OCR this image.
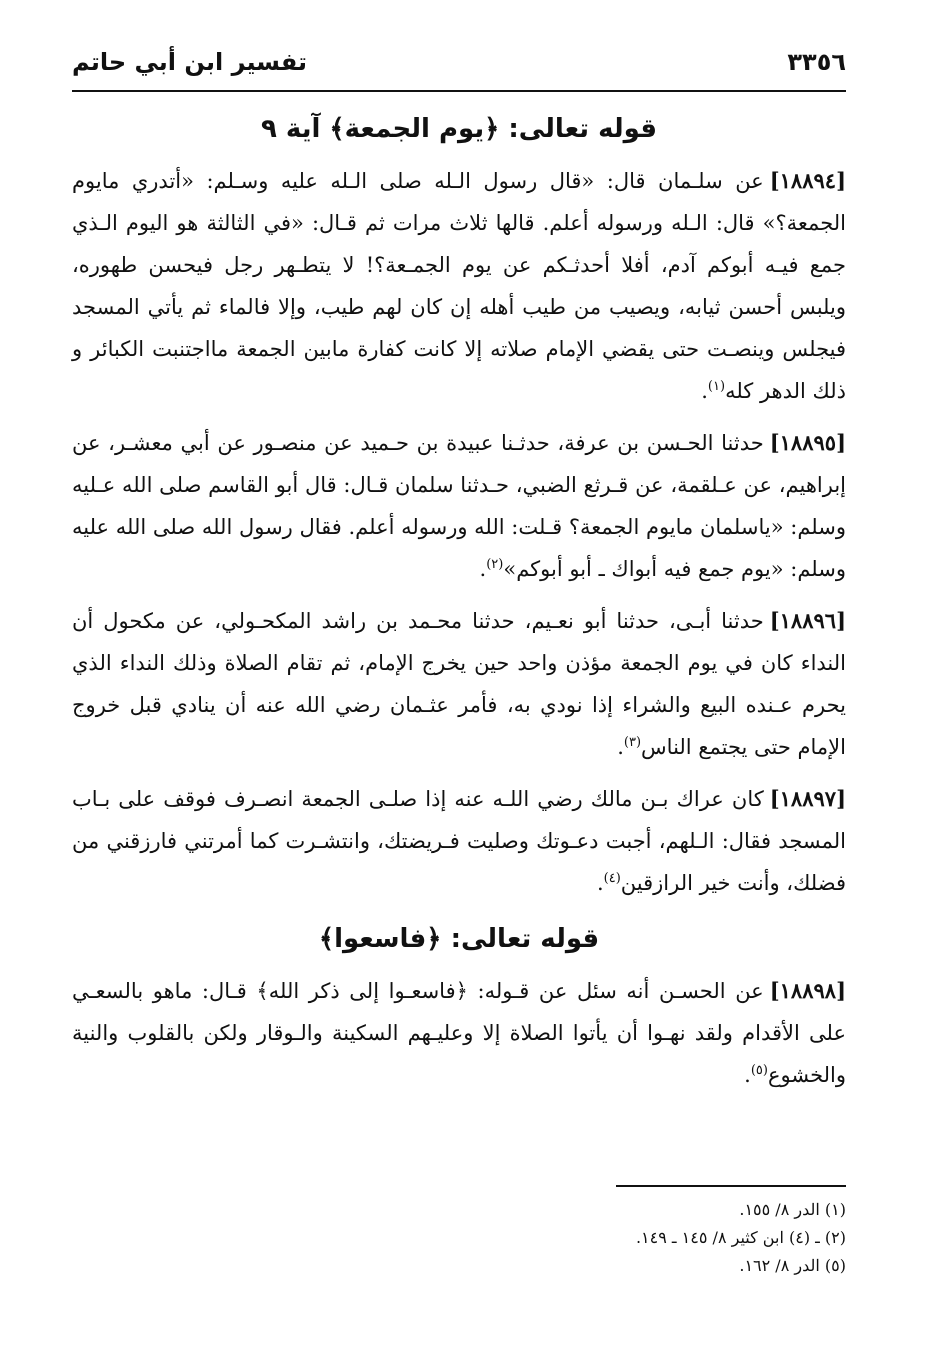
تفسير ابن أبي حاتم	٣٣٥٦
قوله تعالى: ﴿يوم الجمعة﴾ آية ٩

[١٨٨٩٤]عن سلـمان قال: «قال رسول الـله صلى الـله عليه وسـلم: «أتدري مايوم الجمعة؟» قال: الـله ورسوله أعلم. قالها ثلاث مرات ثم قـال: «في الثالثة هو اليوم الـذي جمع فيـه أبوكم آدم، أفلا أحدثـكم عن يوم الجمـعة؟! لا يتطـهر رجل فيحسن طهوره، ويلبس أحسن ثيابه، ويصيب من طيب أهله إن كان لهم طيب، وإلا فالماء ثم يأتي المسجد فيجلس وينصـت حتى يقضي الإمام صلاته إلا كانت كفارة مابين الجمعة مااجتنبت الكبائر و ذلك الدهر كله$^{(١)}$.

[١٨٨٩٥]حدثنا الحـسن بن عرفة، حدثـنا عبيدة بن حـميد عن منصـور عن أبي معشـر، عن إبراهيم، عن عـلقمة، عن قـرثع الضبي، حـدثنا سلمان قـال: قال أبو القاسم صلى الله عـليه وسلم: «ياسلمان مايوم الجمعة؟ قـلت: الله ورسوله أعلم. فقال رسول الله صلى الله عليه وسلم: «يوم جمع فيه أبواك ـ أبو أبوكم»$^{(٢)}$.

[١٨٨٩٦]حدثنا أبـى، حدثنا أبو نعـيم، حدثنا محـمد بن راشد المكحـولي، عن مكحول أن النداء كان في يوم الجمعة مؤذن واحد حين يخرج الإمام، ثم تقام الصلاة وذلك النداء الذي يحرم عـنده البيع والشراء إذا نودي به، فأمر عثـمان رضي الله عنه أن ينادي قبل خروج الإمام حتى يجتمع الناس$^{(٣)}$.

[١٨٨٩٧]كان عراك بـن مالك رضي اللـه عنه إذا صلـى الجمعة انصـرف فوقف على بـاب المسجد فقال: الـلهم، أجبت دعـوتك وصليت فـريضتك، وانتشـرت كما أمرتني فارزقني من فضلك، وأنت خير الرازقين$^{(٤)}$.

قوله تعالى: ﴿فاسعوا﴾

[١٨٨٩٨]عن الحسـن أنه سئل عن قـوله: ﴿فاسعـوا إلى ذكر الله﴾ قـال: ماهو بالسعـي على الأقدام ولقد نهـوا أن يأتوا الصلاة إلا وعليـهم السكينة والـوقار ولكن بالقلوب والنية والخشوع$^{(٥)}$.

(١) الدر ٨/ ١٥٥.
(٢) ـ (٤) ابن كثير ٨/ ١٤٥ ـ ١٤٩.
(٥) الدر ٨/ ١٦٢.
